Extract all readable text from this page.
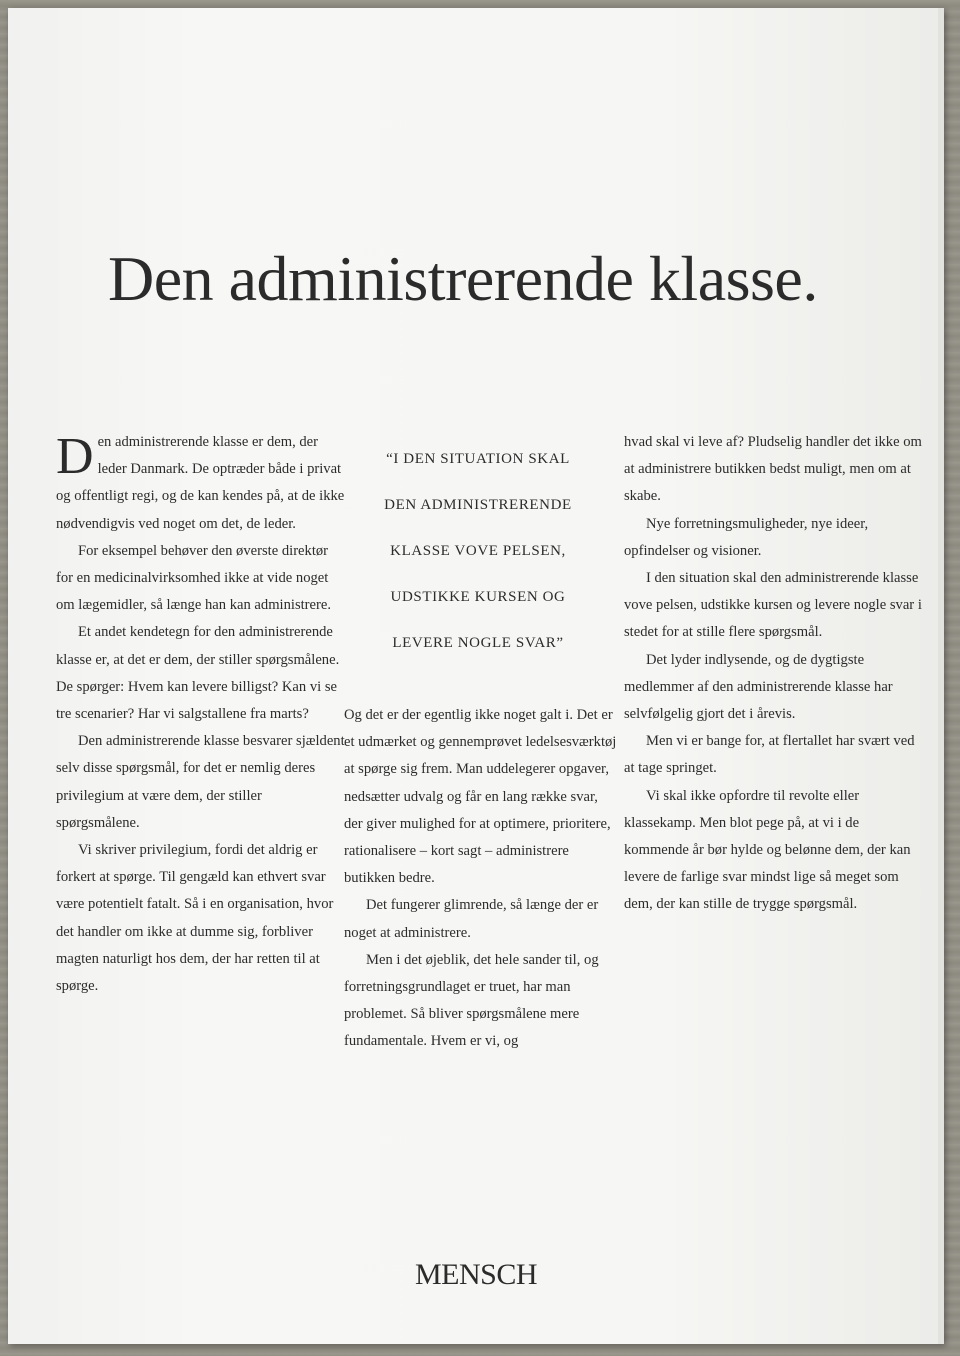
Den administrerende klasse.

Den administrerende klasse er dem, der leder Danmark. De optræder både i privat og offentligt regi, og de kan kendes på, at de ikke nødvendigvis ved noget om det, de leder.

For eksempel behøver den øverste direktør for en medicinalvirksomhed ikke at vide noget om lægemidler, så længe han kan administrere.

Et andet kendetegn for den administrerende klasse er, at det er dem, der stiller spørgsmålene. De spørger: Hvem kan levere billigst? Kan vi se tre scenarier? Har vi salgstallene fra marts?

Den administrerende klasse besvarer sjældent selv disse spørgsmål, for det er nemlig deres privilegium at være dem, der stiller spørgsmålene.

Vi skriver privilegium, fordi det aldrig er forkert at spørge. Til gengæld kan ethvert svar være potentielt fatalt. Så i en organisation, hvor det handler om ikke at dumme sig, forbliver magten naturligt hos dem, der har retten til at spørge.

“I DEN SITUATION SKAL
DEN ADMINISTRERENDE
KLASSE VOVE PELSEN,
UDSTIKKE KURSEN OG
LEVERE NOGLE SVAR”

Og det er der egentlig ikke noget galt i. Det er et udmærket og gennemprøvet ledelsesværktøj at spørge sig frem. Man uddelegerer opgaver, nedsætter udvalg og får en lang række svar, der giver mulighed for at optimere, prioritere, rationalisere – kort sagt – administrere butikken bedre.

Det fungerer glimrende, så længe der er noget at administrere.

Men i det øjeblik, det hele sander til, og forretningsgrundlaget er truet, har man problemet. Så bliver spørgsmålene mere fundamentale. Hvem er vi, og

hvad skal vi leve af? Pludselig handler det ikke om at administrere butikken bedst muligt, men om at skabe.

Nye forretningsmuligheder, nye ideer, opfindelser og visioner.

I den situation skal den administrerende klasse vove pelsen, udstikke kursen og levere nogle svar i stedet for at stille flere spørgsmål.

Det lyder indlysende, og de dygtigste medlemmer af den administrerende klasse har selvfølgelig gjort det i årevis.

Men vi er bange for, at flertallet har svært ved at tage springet.

Vi skal ikke opfordre til revolte eller klassekamp. Men blot pege på, at vi i de kommende år bør hylde og belønne dem, der kan levere de farlige svar mindst lige så meget som dem, der kan stille de trygge spørgsmål.

MENSCH
